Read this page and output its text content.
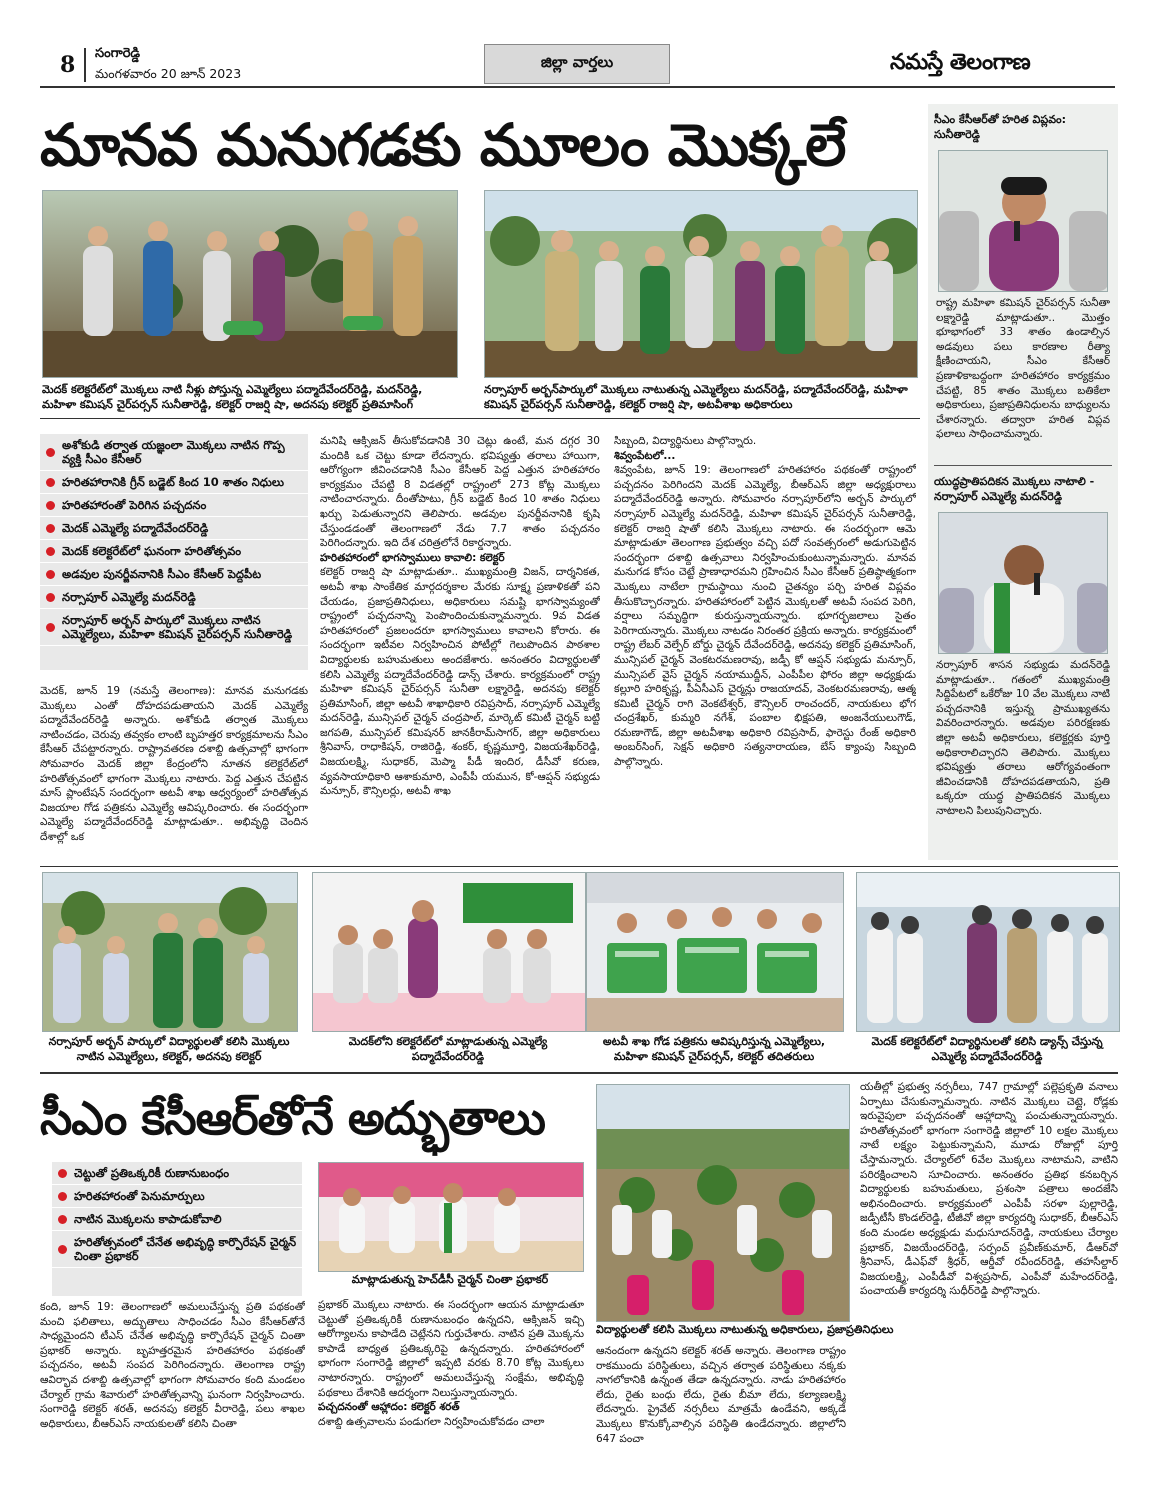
8 సంగారెడ్డి
మంగళవారం 20 జూన్ 2023
జిల్లా వార్తలు	నమస్తే తెలంగాణ
మానవ మనుగడకు మూలం మొక్కలే
మెదక్ కలెక్టరేట్‌లో మొక్కలు నాటి నీళ్లు పోస్తున్న ఎమ్మెల్యేలు పద్మాదేవేందర్‌రెడ్డి, మదన్‌రెడ్డి, మహిళా కమిషన్ చైర్‌పర్సన్ సునీతారెడ్డి, కలెక్టర్ రాజర్షి షా, అదనపు కలెక్టర్ ప్రతిమాసింగ్
నర్సాపూర్ అర్బన్‌పార్కులో మొక్కలు నాటుతున్న ఎమ్మెల్యేలు మదన్‌రెడ్డి, పద్మాదేవేందర్‌రెడ్డి, మహిళా కమిషన్ చైర్‌పర్సన్ సునీతారెడ్డి, కలెక్టర్ రాజర్షి షా, అటవీశాఖ అధికారులు
అశోకుడి తర్వాత యజ్ఞంలా మొక్కలు నాటిన గొప్ప వ్యక్తి సీఎం కేసీఆర్
హరితహారానికి గ్రీన్ బడ్జెట్ కింద 10 శాతం నిధులు
హరితహారంతో పెరిగిన పచ్చదనం
మెదక్ ఎమ్మెల్యే పద్మాదేవేందర్‌రెడ్డి
మెదక్ కలెక్టరేట్‌లో ఘనంగా హరితోత్సవం
అడవుల పునర్జీవనానికి సీఎం కేసీఆర్ పెద్దపీట
నర్సాపూర్ ఎమ్మెల్యే మదన్‌రెడ్డి
నర్సాపూర్ అర్బన్ పార్కులో మొక్కలు నాటిన ఎమ్మెల్యేలు, మహిళా కమిషన్ చైర్‌పర్సన్ సునీతారెడ్డి

మెదక్, జూన్ 19 (నమస్తే తెలంగాణ): మానవ మనుగడకు మొక్కలు ఎంతో దోహదపడుతాయని మెదక్ ఎమ్మెల్యే పద్మాదేవేందర్‌రెడ్డి అన్నారు. అశోకుడి తర్వాత మొక్కలు నాటించడం, చెరువు తవ్వకం లాంటి బృహత్తర కార్యక్రమాలను సీఎం కేసీఆర్ చేపట్టారన్నారు. రాష్ట్రావతరణ దశాబ్ది ఉత్సవాల్లో భాగంగా సోమవారం మెదక్ జిల్లా కేంద్రంలోని నూతన కలెక్టరేట్‌లో హరితోత్సవంలో భాగంగా మొక్కలు నాటారు. పెద్ద ఎత్తున చేపట్టిన మాస్ ప్లాంటేషన్ సందర్భంగా అటవీ శాఖ ఆధ్వర్యంలో హరితోత్సవ విజయాల గోడ పత్రికను ఎమ్మెల్యే ఆవిష్కరించారు. ఈ సందర్భంగా ఎమ్మెల్యే పద్మాదేవేందర్‌రెడ్డి మాట్లాడుతూ.. అభివృద్ధి చెందిన దేశాల్లో ఒక

మనిషి ఆక్సిజన్ తీసుకోవడానికి 30 చెట్లు ఉంటే, మన దగ్గర 30 మందికి ఒక చెట్టు కూడా లేదన్నారు. భవిష్యత్తు తరాలు హాయిగా, ఆరోగ్యంగా జీవించడానికి సీఎం కేసీఆర్ పెద్ద ఎత్తున హరితహారం కార్యక్రమం చేపట్టి 8 విడతల్లో రాష్ట్రంలో 273 కోట్ల మొక్కలు నాటించారన్నారు. దీంతోపాటు, గ్రీన్ బడ్జెట్ కింద 10 శాతం నిధులు ఖర్చు పెడుతున్నారని తెలిపారు. అడవుల పునర్జీవనానికి కృషి చేస్తుండడంతో తెలంగాణలో నేడు 7.7 శాతం పచ్చదనం పెరిగిందన్నారు. ఇది దేశ చరిత్రలోనే రికార్డన్నారు.

హరితహారంలో భాగస్వాములు కావాలి: కలెక్టర్

కలెక్టర్ రాజర్షి షా మాట్లాడుతూ.. ముఖ్యమంత్రి విజన్, దార్శనికత, అటవీ శాఖ సాంకేతిక మార్గదర్శకాల మేరకు సూక్ష్మ ప్రణాళికతో పని చేయడం, ప్రజాప్రతినిధులు, అధికారులు సమష్టి భాగస్వామ్యంతో రాష్ట్రంలో పచ్చదనాన్ని పెంపొందించుకున్నామన్నారు. 9వ విడత హరితహారంలో ప్రజలందరూ భాగస్వాములు కావాలని కోరారు. ఈ సందర్భంగా ఇటీవల నిర్వహించిన పోటీల్లో గెలుపొందిన పాఠశాల విద్యార్థులకు బహుమతులు అందజేశారు. అనంతరం విద్యార్థులతో కలిసి ఎమ్మెల్యే పద్మాదేవేందర్‌రెడ్డి డాన్స్ చేశారు. కార్యక్రమంలో రాష్ట్ర మహిళా కమిషన్ చైర్‌పర్సన్ సునీతా లక్ష్మారెడ్డి, అదనపు కలెక్టర్ ప్రతిమాసింగ్, జిల్లా అటవీ శాఖాధికారి రవిప్రసాద్, నర్సాపూర్ ఎమ్మెల్యే మదన్‌రెడ్డి, మున్సిపల్ చైర్మన్ చంద్రపాల్, మార్కెట్ కమిటీ చైర్మన్ బట్టి జగపతి, మున్సిపల్ కమిషనర్ జానకీరామ్‌సాగర్, జిల్లా అధికారులు శ్రీనివాస్, రాధాకిషన్, రాజిరెడ్డి, శంకర్, కృష్ణమూర్తి, విజయశేఖర్‌రెడ్డి, విజయలక్ష్మి, సుధాకర్, మెప్మా పీడీ ఇందిర, డీసీవో కరుణ, వ్యవసాయాధికారి ఆశాకుమారి, ఎంపీపీ యమున, కో-ఆప్షన్ సభ్యుడు మన్సూర్, కౌన్సిలర్లు, అటవీ శాఖ

సిబ్బంది, విద్యార్థినులు పాల్గొన్నారు.

శివ్వంపేటలో...

శివ్వంపేట, జూన్ 19: తెలంగాణలో హరితహారం పథకంతో రాష్ట్రంలో పచ్చదనం పెరిగిందని మెదక్ ఎమ్మెల్యే, బీఆర్‌ఎస్ జిల్లా అధ్యక్షురాలు పద్మాదేవేందర్‌రెడ్డి అన్నారు. సోమవారం నర్సాపూర్‌లోని అర్బన్ పార్కులో నర్సాపూర్ ఎమ్మెల్యే మదన్‌రెడ్డి, మహిళా కమిషన్ చైర్‌పర్సన్ సునీతారెడ్డి, కలెక్టర్ రాజర్షి షాతో కలిసి మొక్కలు నాటారు. ఈ సందర్భంగా ఆమె మాట్లాడుతూ తెలంగాణ ప్రభుత్వం వచ్చి పదో సంవత్సరంలో అడుగుపెట్టిన సందర్భంగా దశాబ్ది ఉత్సవాలు నిర్వహించుకుంటున్నామన్నారు. మానవ మనుగడ కోసం చెట్టే ప్రాణాధారమని గ్రహించిన సీఎం కేసీఆర్ ప్రతిష్ఠాత్మకంగా మొక్కలు నాటేలా గ్రామస్థాయి నుంచి చైతన్యం పర్చి హరిత విప్లవం తీసుకొచ్చారన్నారు. హరితహారంలో పెట్టిన మొక్కలతో అటవీ సంపద పెరిగి, వర్షాలు సమృద్ధిగా కురుస్తున్నాయన్నారు. భూగర్భజలాలు సైతం పెరిగాయన్నారు. మొక్కలు నాటడం నిరంతర ప్రక్రియ అన్నారు. కార్యక్రమంలో రాష్ట్ర లేబర్ వెల్ఫేర్ బోర్డు చైర్మన్ దేవేందర్‌రెడ్డి, అదనపు కలెక్టర్ ప్రతిమాసింగ్, మున్సిపల్ చైర్మన్ వెంకటరమణరావు, జడ్పీ కో ఆప్షన్ సభ్యుడు మన్సూర్, మున్సిపల్ వైస్ చైర్మన్ నయాముద్దీన్, ఎంపీపీల ఫోరం జిల్లా అధ్యక్షుడు కల్లూరి హరికృష్ణ, పీఏసీఎస్ చైర్మన్లు రాజయాదవ్, వెంకటరమణరావు, ఆత్మ కమిటీ చైర్మన్ రాగి వెంకటేశ్వర్, కౌన్సిలర్ రాంచందర్, నాయకులు భోగ చంద్రశేఖర్, కుమ్మరి నగేశ్, పంబాల భిక్షపతి, అంజనేయులుగౌడ్, రమణాగౌడ్, జిల్లా అటవీశాఖ అధికారి రవిప్రసాద్, ఫారెస్టు రేంజ్ అధికారి అంబర్‌సింగ్, సెక్షన్ అధికారి సత్యనారాయణ, బేస్ క్యాంపు సిబ్బంది పాల్గొన్నారు.

సీఎం కేసీఆర్‌తో హరిత విప్లవం: సునీతారెడ్డి

రాష్ట్ర మహిళా కమిషన్ చైర్‌పర్సన్ సునీతా లక్ష్మారెడ్డి మాట్లాడుతూ.. మొత్తం భూభాగంలో 33 శాతం ఉండాల్సిన అడవులు పలు కారణాల రీత్యా క్షీణించాయని, సీఎం కేసీఆర్ ప్రణాళికాబద్ధంగా హరితహారం కార్యక్రమం చేపట్టి, 85 శాతం మొక్కలు బతికేలా అధికారులు, ప్రజాప్రతినిధులను బాధ్యులను చేశారన్నారు. తద్వారా హరిత విప్లవ ఫలాలు సాధించామన్నారు.

యుద్ధప్రాతిపదికన మొక్కలు నాటాలి - నర్సాపూర్ ఎమ్మెల్యే మదన్‌రెడ్డి

నర్సాపూర్ శాసన సభ్యుడు మదన్‌రెడ్డి మాట్లాడుతూ.. గతంలో ముఖ్యమంత్రి సిద్దిపేటలో ఒకేరోజు 10 వేల మొక్కలు నాటి పచ్చదనానికి ఇస్తున్న ప్రాముఖ్యతను వివరించారన్నారు. అడవుల పరిరక్షణకు జిల్లా అటవీ అధికారులు, కలెక్టర్లకు పూర్తి అధికారాలిచ్చారని తెలిపారు. మొక్కలు భవిష్యత్తు తరాలు ఆరోగ్యవంతంగా జీవించడానికి దోహదపడతాయని, ప్రతి ఒక్కరూ యుద్ధ ప్రాతిపదికన మొక్కలు నాటాలని పిలుపునిచ్చారు.

నర్సాపూర్ అర్బన్ పార్కులో విద్యార్థులతో కలిసి మొక్కలు నాటిన ఎమ్మెల్యేలు, కలెక్టర్, అదనపు కలెక్టర్
మెదక్‌లోని కలెక్టరేట్‌లో మాట్లాడుతున్న ఎమ్మెల్యే పద్మాదేవేందర్‌రెడ్డి
అటవీ శాఖ గోడ పత్రికను ఆవిష్కరిస్తున్న ఎమ్మెల్యేలు, మహిళా కమిషన్ చైర్‌పర్సన్, కలెక్టర్ తదితరులు
మెదక్ కలెక్టరేట్‌లో విద్యార్థినులతో కలిసి డ్యాన్స్ చేస్తున్న ఎమ్మెల్యే పద్మాదేవేందర్‌రెడ్డి
సీఎం కేసీఆర్‌తోనే అద్భుతాలు
చెట్టుతో ప్రతిఒక్కరికీ రుణానుబంధం
హరితహారంతో పెనుమార్పులు
నాటిన మొక్కలను కాపాడుకోవాలి
హరితోత్సవంలో చేనేత అభివృద్ధి కార్పొరేషన్ చైర్మన్ చింతా ప్రభాకర్
మాట్లాడుతున్న హెచ్‌డీసీ చైర్మన్ చింతా ప్రభాకర్
విద్యార్థులతో కలిసి మొక్కలు నాటుతున్న అధికారులు, ప్రజాప్రతినిధులు

కంది, జూన్ 19: తెలంగాణలో అమలుచేస్తున్న ప్రతి పథకంతో మంచి ఫలితాలు, అద్భుతాలు సాధించడం సీఎం కేసీఆర్‌తోనే సాధ్యమైందని టీఎస్ చేనేత అభివృద్ధి కార్పొరేషన్ చైర్మన్ చింతా ప్రభాకర్ అన్నారు. బృహత్తరమైన హరితహారం పథకంతో పచ్చదనం, అటవీ సంపద పెరిగిందన్నారు. తెలంగాణ రాష్ట్ర ఆవిర్భావ దశాబ్ది ఉత్సవాల్లో భాగంగా సోమవారం కంది మండలం చేర్యాల్ గ్రామ శివారులో హరితోత్సవాన్ని ఘనంగా నిర్వహించారు. సంగారెడ్డి కలెక్టర్ శరత్, అదనపు కలెక్టర్ వీరారెడ్డి, పలు శాఖల అధికారులు, బీఆర్‌ఎస్ నాయకులతో కలిసి చింతా

ప్రభాకర్ మొక్కలు నాటారు. ఈ సందర్భంగా ఆయన మాట్లాడుతూ చెట్టుతో ప్రతిఒక్కరికీ రుణానుబంధం ఉన్నదని, ఆక్సిజన్ ఇచ్చి ఆరోగ్యాలను కాపాడేది చెట్లేనని గుర్తుచేశారు. నాటిన ప్రతి మొక్కను కాపాడే బాధ్యత ప్రతిఒక్కరిపై ఉన్నదన్నారు. హరితహారంలో భాగంగా సంగారెడ్డి జిల్లాలో ఇప్పటి వరకు 8.70 కోట్ల మొక్కలు నాటారన్నారు. రాష్ట్రంలో అమలుచేస్తున్న సంక్షేమ, అభివృద్ధి పథకాలు దేశానికి ఆదర్శంగా నిలుస్తున్నాయన్నారు.

పచ్చదనంతో ఆహ్లాదం: కలెక్టర్ శరత్

దశాబ్ది ఉత్సవాలను పండుగలా నిర్వహించుకోవడం చాలా

ఆనందంగా ఉన్నదని కలెక్టర్ శరత్ అన్నారు. తెలంగాణ రాష్ట్రం రాకముందు పరిస్థితులు, వచ్చిన తర్వాత పరిస్థితులు నక్కకు నాగలోకానికి ఉన్నంత తేడా ఉన్నదన్నారు. నాడు హరితహారం లేదు, రైతు బంధు లేదు, రైతు బీమా లేదు, కల్యాణలక్ష్మి లేదన్నారు. ప్రైవేట్ నర్సరీలు మాత్రమే ఉండేవని, అక్కడే మొక్కలు కొనుక్కోవాల్సిన పరిస్థితి ఉండేదన్నారు. జిల్లాలోని 647 పంచా

యతీల్లో ప్రభుత్వ నర్సరీలు, 747 గ్రామాల్లో పల్లెప్రకృతి వనాలు ఏర్పాటు చేసుకున్నామన్నారు. నాటిన మొక్కలు చెట్లై, రోడ్లకు ఇరువైపులా పచ్చదనంతో ఆహ్లాదాన్ని పంచుతున్నాయన్నారు. హరితోత్సవంలో భాగంగా సంగారెడ్డి జిల్లాలో 10 లక్షల మొక్కలు నాటే లక్ష్యం పెట్టుకున్నామని, మూడు రోజుల్లో పూర్తి చేస్తామన్నారు. చేర్యాల్‌లో 6వేల మొక్కలు నాటామని, వాటిని పరిరక్షించాలని సూచించారు. అనంతరం ప్రతిభ కనబర్చిన విద్యార్థులకు బహుమతులు, ప్రశంసా పత్రాలు అందజేసి అభినందించారు. కార్యక్రమంలో ఎంపీపీ సరళా పుల్లారెడ్డి, జడ్పీటీసీ కొండల్‌రెడ్డి, టీజీవో జిల్లా కార్యదర్శి సుధాకర్, బీఆర్‌ఎస్ కంది మండల అధ్యక్షుడు మధుసూదన్‌రెడ్డి, నాయకులు చేర్యాల ప్రభాకర్, విజయేందర్‌రెడ్డి, సర్పంచ్ ప్రవీణ్‌కుమార్, డీఆర్‌వో శ్రీనివాస్, డీఎఫ్‌వో శ్రీధర్, ఆర్డీవో రవీందర్‌రెడ్డి, తహసీల్దార్ విజయలక్ష్మి, ఎంపీడీవో విశ్వప్రసాద్, ఎంపీవో మహేందర్‌రెడ్డి, పంచాయతీ కార్యదర్శి సుధీర్‌రెడ్డి పాల్గొన్నారు.
